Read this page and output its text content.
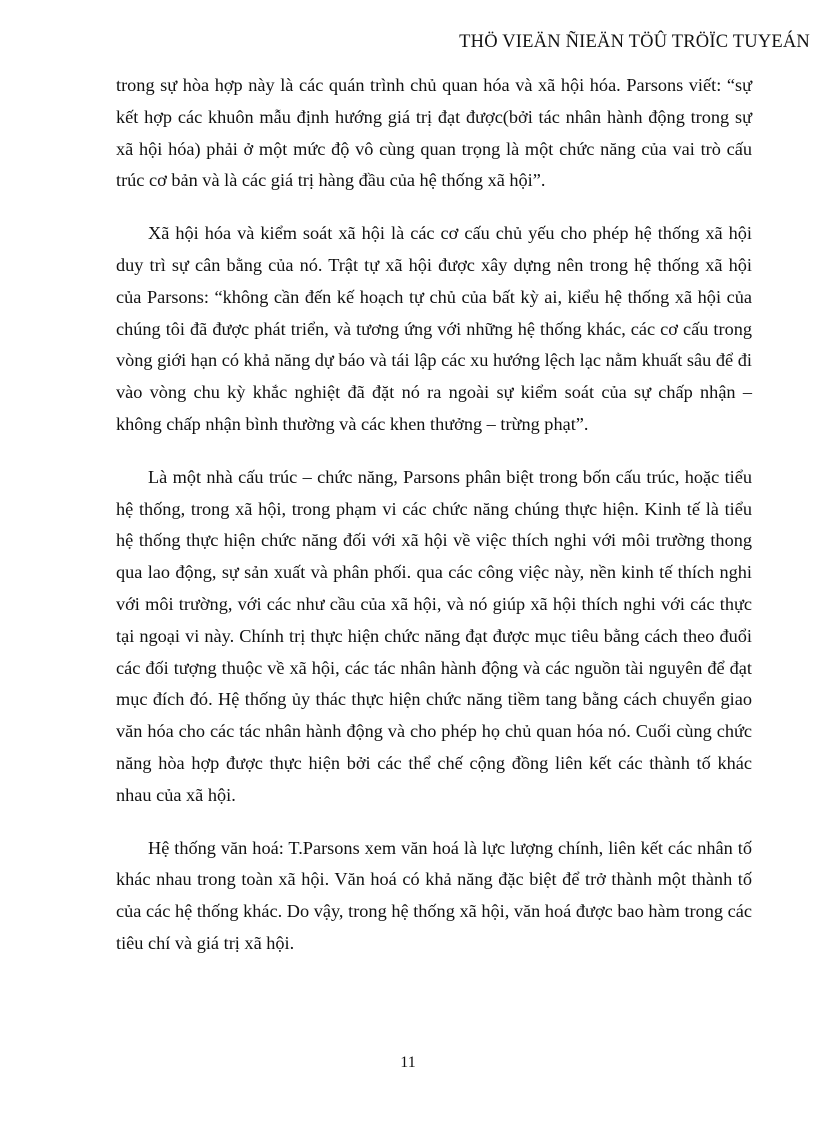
THÖ VIEÄN ÑIEÄN TÖÛ TRÖÏC TUYEÁN

trong sự hòa hợp này là các quán trình chủ quan hóa và xã hội hóa. Parsons viết: “sự kết hợp các khuôn mẫu định hướng giá trị đạt được(bởi tác nhân hành động trong sự xã hội hóa) phải ở một mức độ vô cùng quan trọng là một chức năng của vai trò cấu trúc cơ bản và là các giá trị hàng đầu của hệ thống xã hội”.

Xã hội hóa và kiểm soát xã hội là các cơ cấu chủ yếu cho phép hệ thống xã hội duy trì sự cân bằng của nó. Trật tự xã hội được xây dựng nên trong hệ thống xã hội của Parsons: “không cần đến kế hoạch tự chủ của bất kỳ ai, kiểu hệ thống xã hội của chúng tôi đã được phát triển, và tương ứng với những hệ thống khác, các cơ cấu trong vòng giới hạn có khả năng dự báo và tái lập các xu hướng lệch lạc nằm khuất sâu để đi vào vòng chu kỳ khắc nghiệt đã đặt nó ra ngoài sự kiểm soát của sự chấp nhận – không chấp nhận bình thường và các khen thưởng – trừng phạt”.

Là một nhà cấu trúc – chức năng, Parsons phân biệt trong bốn cấu trúc, hoặc tiểu hệ thống, trong xã hội, trong phạm vi các chức năng chúng thực hiện. Kinh tế là tiểu hệ thống thực hiện chức năng đối với xã hội về việc thích nghi với môi trường thong qua lao động, sự sản xuất và phân phối. qua các công việc này, nền kinh tế thích nghi với môi trường, với các như cầu của xã hội, và nó giúp xã hội thích nghi với các thực tại ngoại vi này. Chính trị thực hiện chức năng đạt được mục tiêu bằng cách theo đuổi các đối tượng thuộc về xã hội, các tác nhân hành động và các nguồn tài nguyên để đạt mục đích đó. Hệ thống ủy thác thực hiện chức năng tiềm tang bằng cách chuyển giao văn hóa cho các tác nhân hành động và cho phép họ chủ quan hóa nó. Cuối cùng chức năng hòa hợp được thực hiện bởi các thể chế cộng đồng liên kết các thành tố khác nhau của xã hội.

Hệ thống văn hoá: T.Parsons xem văn hoá là lực lượng chính, liên kết các nhân tố khác nhau trong toàn xã hội. Văn hoá có khả năng đặc biệt để trở thành một thành tố của các hệ thống khác. Do vậy, trong hệ thống xã hội, văn hoá được bao hàm trong các tiêu chí và giá trị xã hội.

11
